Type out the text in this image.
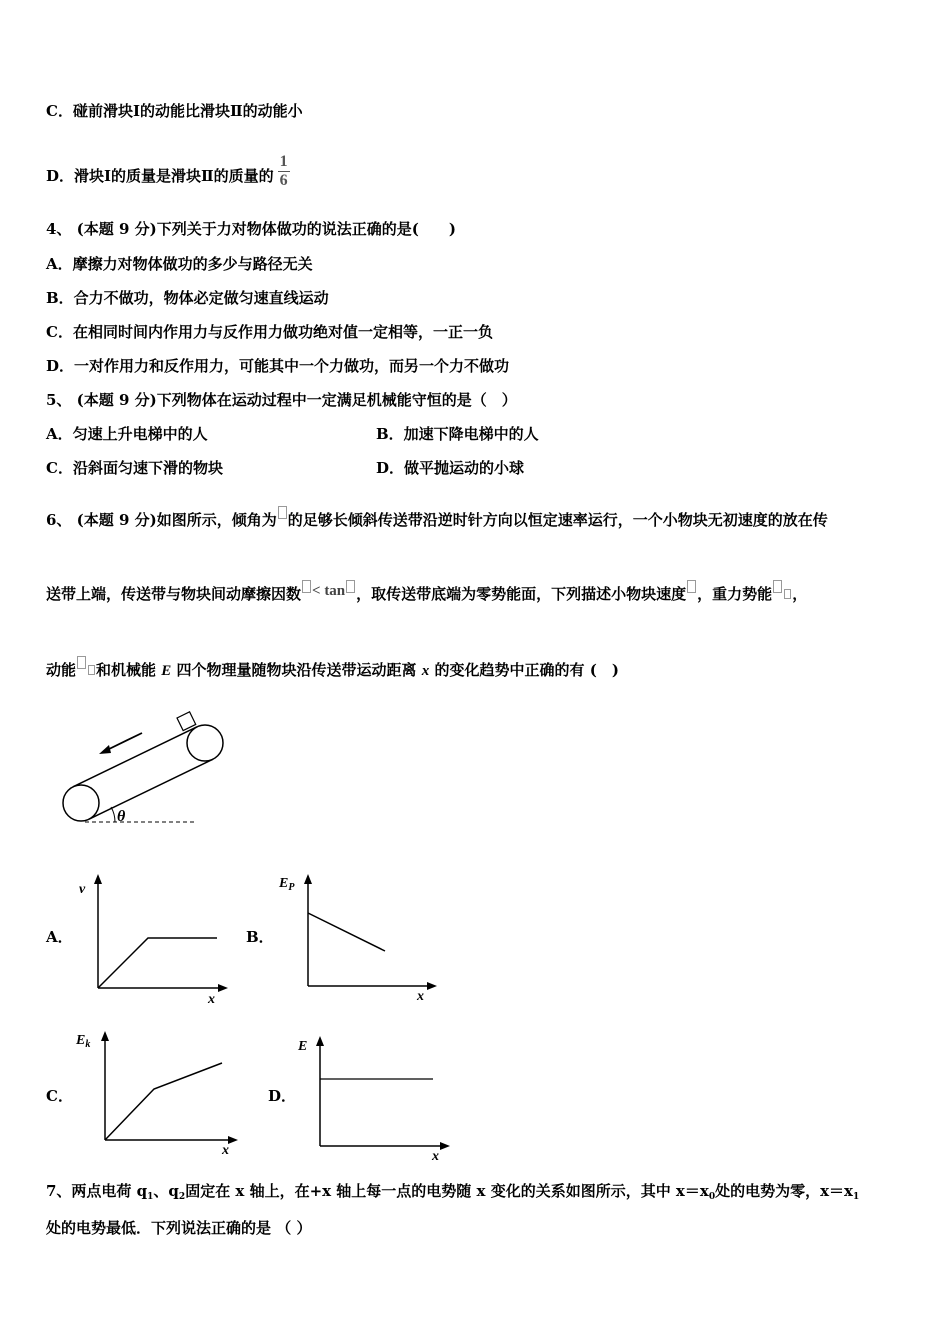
C．碰前滑块Ⅰ的动能比滑块Ⅱ的动能小
D．滑块Ⅰ的质量是滑块Ⅱ的质量的 $\frac{1}{6}$
4、 (本题 9 分)下列关于力对物体做功的说法正确的是(　　)
A．摩擦力对物体做功的多少与路径无关
B．合力不做功，物体必定做匀速直线运动
C．在相同时间内作用力与反作用力做功绝对值一定相等，一正一负
D．一对作用力和反作用力，可能其中一个力做功，而另一个力不做功
5、 (本题 9 分)下列物体在运动过程中一定满足机械能守恒的是（　）
A．匀速上升电梯中的人	B．加速下降电梯中的人
C．沿斜面匀速下滑的物块	D．做平抛运动的小球
6、 (本题 9 分)如图所示，倾角为 的足够长倾斜传送带沿逆时针方向以恒定速率运行，一个小物块无初速度的放在传
送带上端，传送带与物块间动摩擦因数 < tan ，取传送带底端为零势能面，下列描述小物块速度 ，重力势能 ，
动能 和机械能 E 四个物理量随物块沿传送带运动距离 x 的变化趋势中正确的有 (　)
θ
A．	B．
C．	D．
v
x
$E_P$
x
$E_k$
x
E
x
7、两点电荷 $q_1$、$q_2$固定在 x 轴上，在+x 轴上每一点的电势随 x 变化的关系如图所示，其中 $x=x_0$处的电势为零，$x=x_1$
处的电势最低．下列说法正确的是 （ ）
